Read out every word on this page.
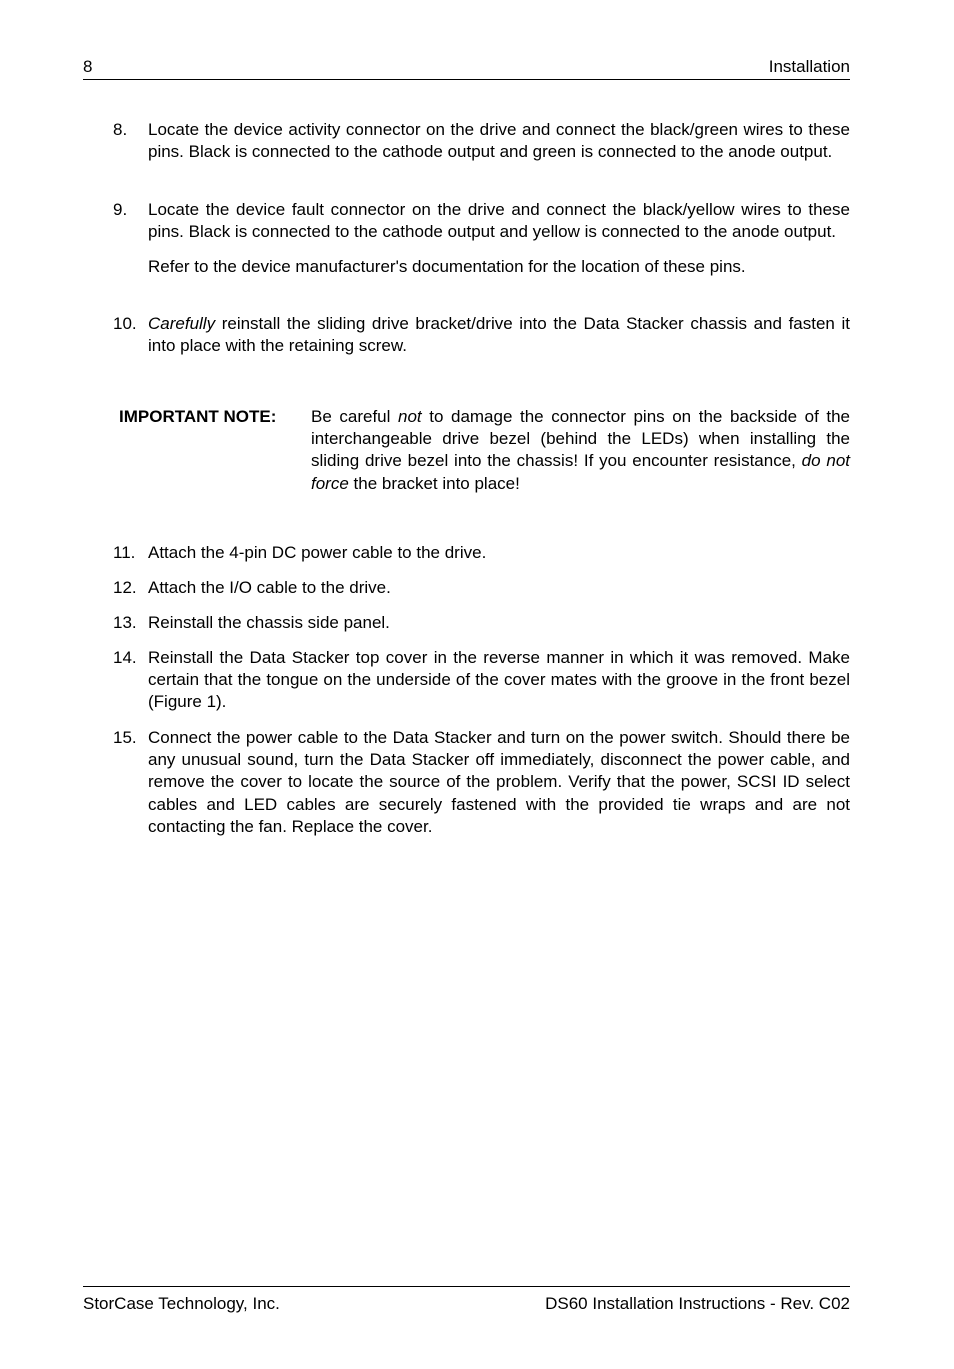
8	Installation
8.	Locate the device activity connector on the drive and connect the black/green wires to these pins. Black is connected to the cathode output and green is connected to the anode output.

9.	Locate the device fault connector on the drive and connect the black/yellow wires to these pins. Black is connected to the cathode output and yellow is connected to the anode output.

Refer to the device manufacturer's documentation for the location of these pins.

10. Carefully reinstall the sliding drive bracket/drive into the Data Stacker chassis and fasten it into place with the retaining screw.

IMPORTANT NOTE: Be careful not to damage the connector pins on the backside of the interchangeable drive bezel (behind the LEDs) when installing the sliding drive bezel into the chassis! If you encounter resistance, do not force the bracket into place!
11. Attach the 4-pin DC power cable to the drive.

12. Attach the I/O cable to the drive.

13. Reinstall the chassis side panel.

14. Reinstall the Data Stacker top cover in the reverse manner in which it was removed. Make certain that the tongue on the underside of the cover mates with the groove in the front bezel (Figure 1).

15. Connect the power cable to the Data Stacker and turn on the power switch. Should there be any unusual sound, turn the Data Stacker off immediately, disconnect the power cable, and remove the cover to locate the source of the problem. Verify that the power, SCSI ID select cables and LED cables are securely fastened with the provided tie wraps and are not contacting the fan. Replace the cover.

StorCase Technology, Inc.	DS60 Installation Instructions - Rev. C02
